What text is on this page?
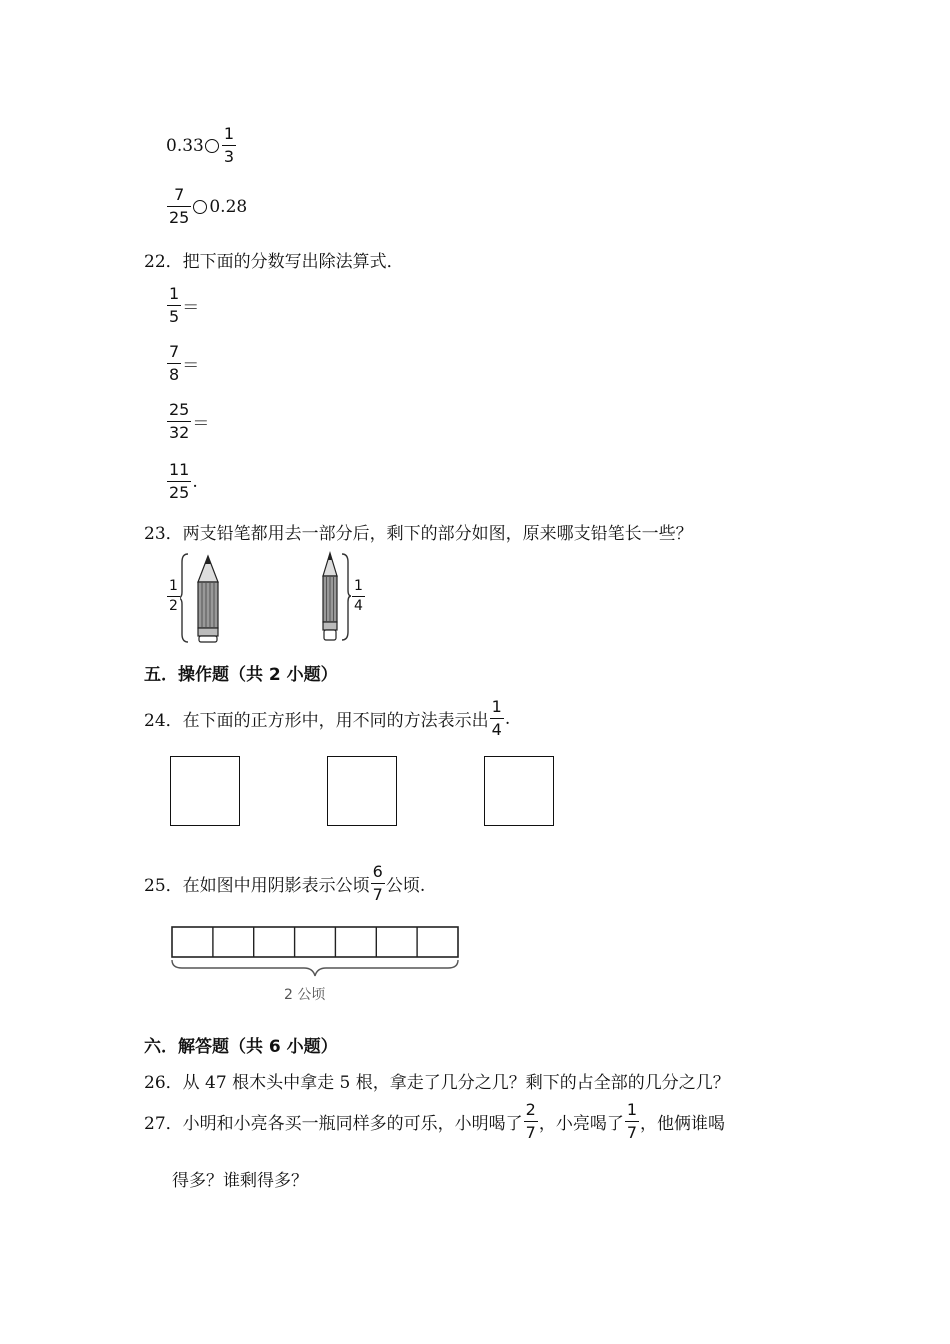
$0.33 \frac{1}{3}$
$\frac{7}{25} 0.28$
22．把下面的分数写出除法算式．
$\frac{1}{5}$ ＝
$\frac{7}{8}$ ＝
$\frac{25}{32}$ ＝
$\frac{11}{25}$ .
23．两支铅笔都用去一部分后，剩下的部分如图，原来哪支铅笔长一些？
$\frac{1}{2}$	$\frac{1}{4}$
五．操作题（共 2 小题）
24． 在下面的正方形中，用不同的方法表示出 $\frac{1}{4}$ .
25． 在如图中用阴影表示公顷 $\frac{6}{7}$ 公顷.
2 公顷
六．解答题（共 6 小题）
26．从 47 根木头中拿走 5 根，拿走了几分之几？剩下的占全部的几分之几？
27． 小明和小亮各买一瓶同样多的可乐，小明喝了 $\frac{2}{7}$ ，小亮喝了 $\frac{1}{7}$ ，他俩谁喝
得多？谁剩得多？
